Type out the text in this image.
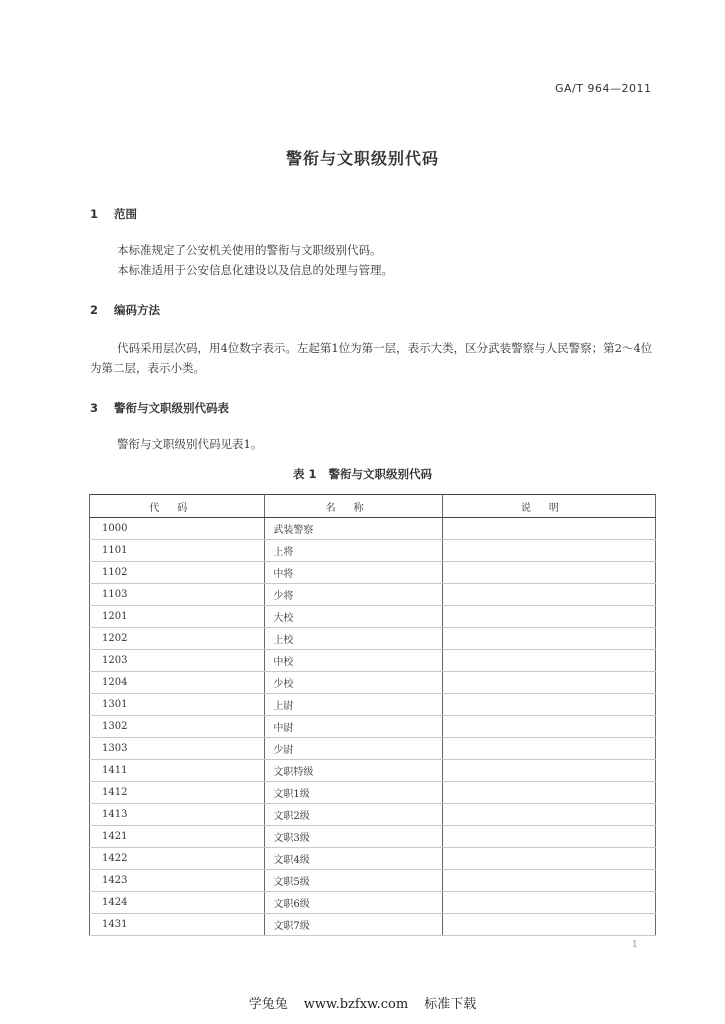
GA/T 964—2011
警衔与文职级别代码
1 范围
本标准规定了公安机关使用的警衔与文职级别代码。
本标准适用于公安信息化建设以及信息的处理与管理。
2 编码方法
代码采用层次码，用4位数字表示。左起第1位为第一层，表示大类，区分武装警察与人民警察；第2～4位为第二层，表示小类。
3 警衔与文职级别代码表
警衔与文职级别代码见表1。
表 1 警衔与文职级别代码
代码	名称	说明
1000	武装警察	
1101	上将	
1102	中将	
1103	少将	
1201	大校	
1202	上校	
1203	中校	
1204	少校	
1301	上尉	
1302	中尉	
1303	少尉	
1411	文职特级	
1412	文职1级	
1413	文职2级	
1421	文职3级	
1422	文职4级	
1423	文职5级	
1424	文职6级	
1431	文职7级	
1
学兔兔 www.bzfxw.com 标准下载
